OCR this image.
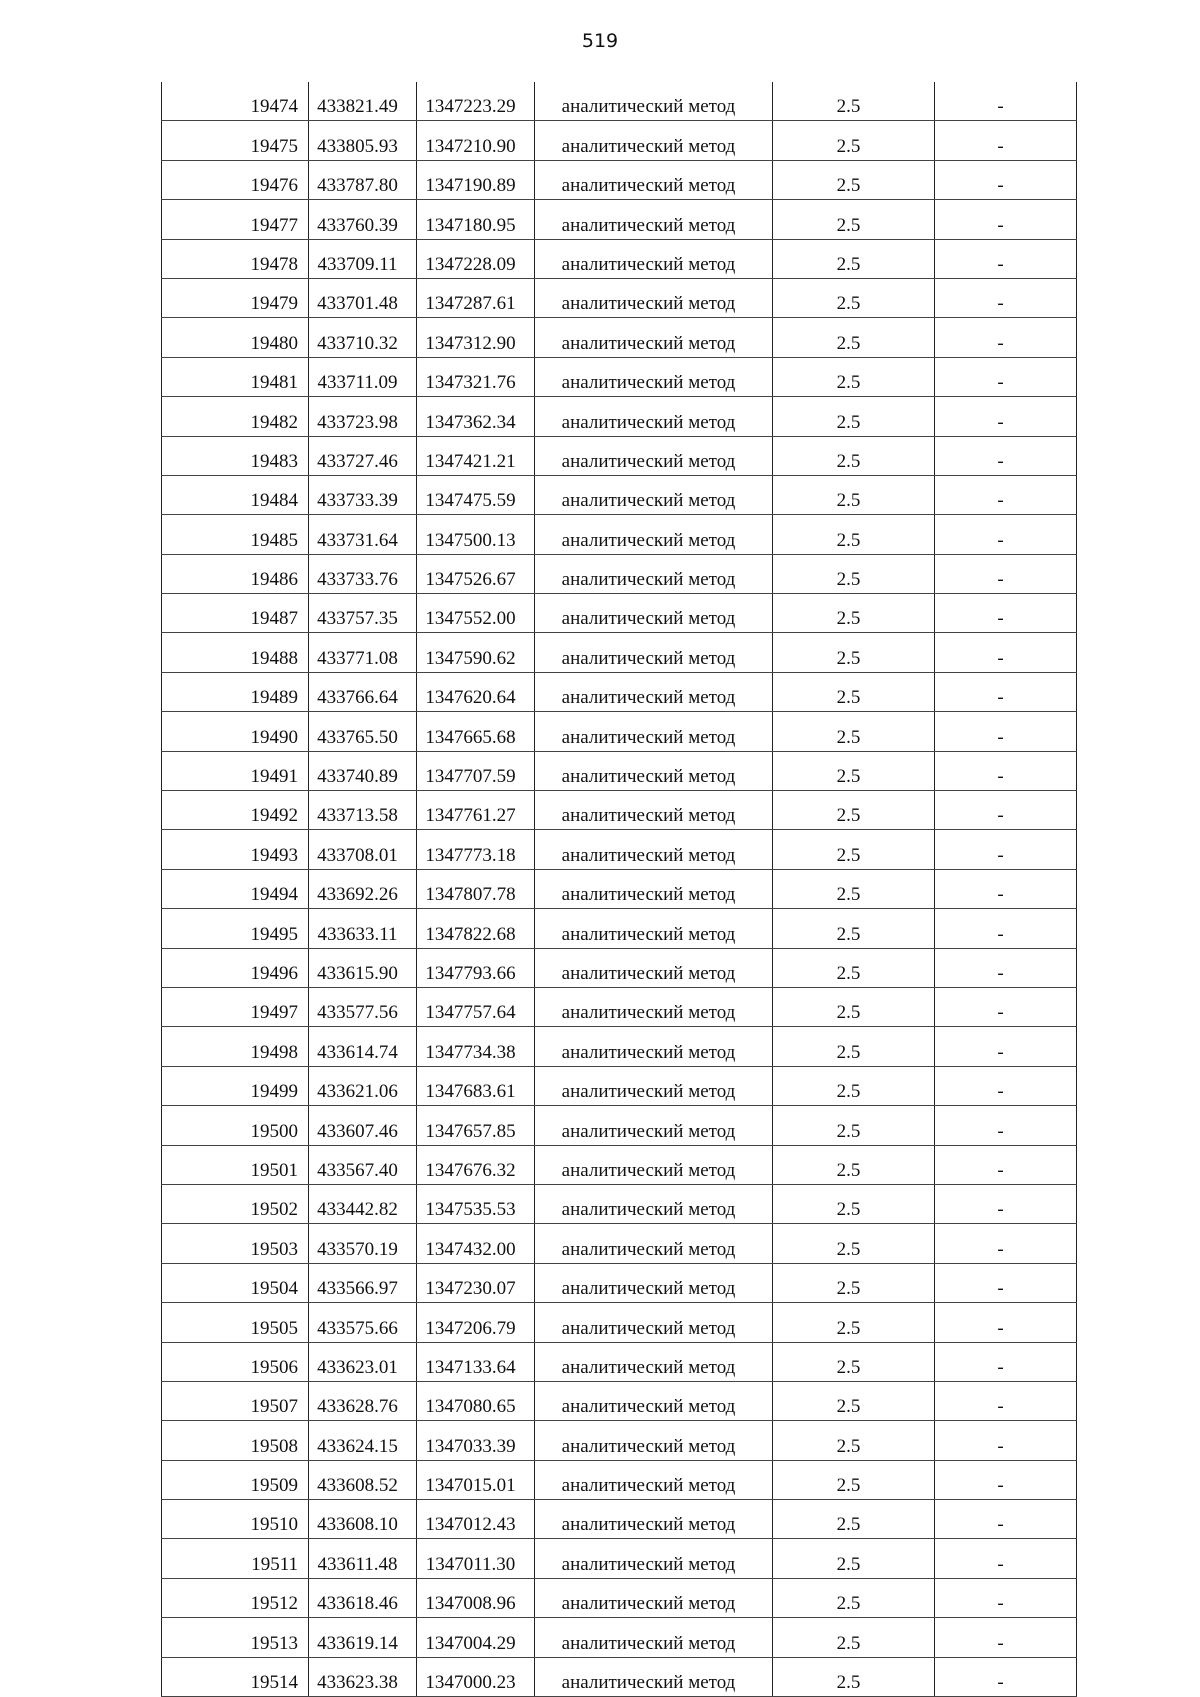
519
19474	433821.49	1347223.29	аналитический метод	2.5	-
19475	433805.93	1347210.90	аналитический метод	2.5	-
19476	433787.80	1347190.89	аналитический метод	2.5	-
19477	433760.39	1347180.95	аналитический метод	2.5	-
19478	433709.11	1347228.09	аналитический метод	2.5	-
19479	433701.48	1347287.61	аналитический метод	2.5	-
19480	433710.32	1347312.90	аналитический метод	2.5	-
19481	433711.09	1347321.76	аналитический метод	2.5	-
19482	433723.98	1347362.34	аналитический метод	2.5	-
19483	433727.46	1347421.21	аналитический метод	2.5	-
19484	433733.39	1347475.59	аналитический метод	2.5	-
19485	433731.64	1347500.13	аналитический метод	2.5	-
19486	433733.76	1347526.67	аналитический метод	2.5	-
19487	433757.35	1347552.00	аналитический метод	2.5	-
19488	433771.08	1347590.62	аналитический метод	2.5	-
19489	433766.64	1347620.64	аналитический метод	2.5	-
19490	433765.50	1347665.68	аналитический метод	2.5	-
19491	433740.89	1347707.59	аналитический метод	2.5	-
19492	433713.58	1347761.27	аналитический метод	2.5	-
19493	433708.01	1347773.18	аналитический метод	2.5	-
19494	433692.26	1347807.78	аналитический метод	2.5	-
19495	433633.11	1347822.68	аналитический метод	2.5	-
19496	433615.90	1347793.66	аналитический метод	2.5	-
19497	433577.56	1347757.64	аналитический метод	2.5	-
19498	433614.74	1347734.38	аналитический метод	2.5	-
19499	433621.06	1347683.61	аналитический метод	2.5	-
19500	433607.46	1347657.85	аналитический метод	2.5	-
19501	433567.40	1347676.32	аналитический метод	2.5	-
19502	433442.82	1347535.53	аналитический метод	2.5	-
19503	433570.19	1347432.00	аналитический метод	2.5	-
19504	433566.97	1347230.07	аналитический метод	2.5	-
19505	433575.66	1347206.79	аналитический метод	2.5	-
19506	433623.01	1347133.64	аналитический метод	2.5	-
19507	433628.76	1347080.65	аналитический метод	2.5	-
19508	433624.15	1347033.39	аналитический метод	2.5	-
19509	433608.52	1347015.01	аналитический метод	2.5	-
19510	433608.10	1347012.43	аналитический метод	2.5	-
19511	433611.48	1347011.30	аналитический метод	2.5	-
19512	433618.46	1347008.96	аналитический метод	2.5	-
19513	433619.14	1347004.29	аналитический метод	2.5	-
19514	433623.38	1347000.23	аналитический метод	2.5	-
